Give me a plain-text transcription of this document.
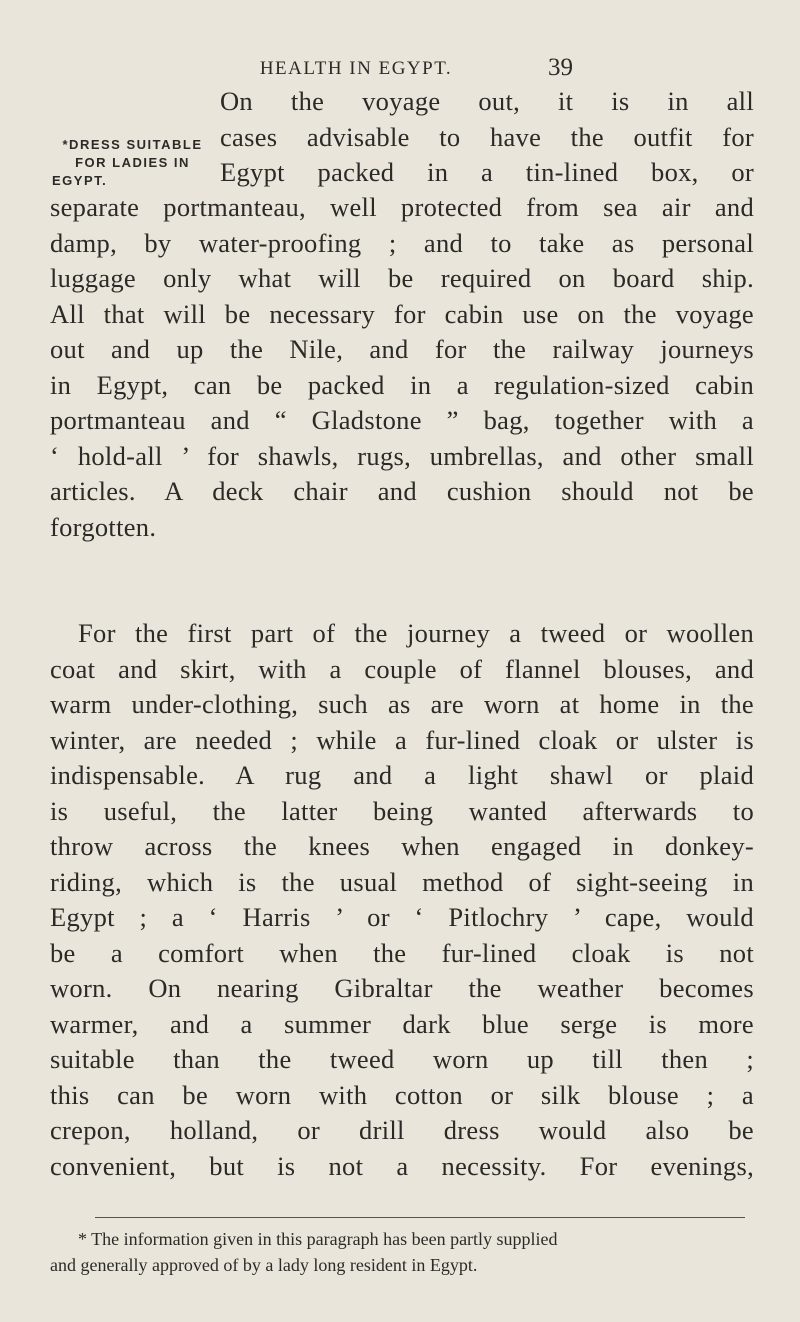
HEALTH IN EGYPT.	39
*DRESS SUITABLE
FOR LADIES IN
EGYPT.

On the voyage out, it is in all
cases advisable to have the outfit for
Egypt packed in a tin-lined box, or

separate portmanteau, well protected from sea air and
damp, by water-proofing ; and to take as personal
luggage only what will be required on board ship.
All that will be necessary for cabin use on the voyage
out and up the Nile, and for the railway journeys
in Egypt, can be packed in a regulation-sized cabin
portmanteau and “ Gladstone ” bag, together with a
‘ hold-all ’ for shawls, rugs, umbrellas, and other small
articles. A deck chair and cushion should not be
forgotten.

For the first part of the journey a tweed or woollen
coat and skirt, with a couple of flannel blouses, and
warm under-clothing, such as are worn at home in the
winter, are needed ; while a fur-lined cloak or ulster is
indispensable. A rug and a light shawl or plaid
is useful, the latter being wanted afterwards to
throw across the knees when engaged in donkey-
riding, which is the usual method of sight-seeing in
Egypt ; a ‘ Harris ’ or ‘ Pitlochry ’ cape, would
be a comfort when the fur-lined cloak is not
worn. On nearing Gibraltar the weather becomes
warmer, and a summer dark blue serge is more
suitable than the tweed worn up till then ;
this can be worn with cotton or silk blouse ; a
crepon, holland, or drill dress would also be
convenient, but is not a necessity. For evenings,

* The information given in this paragraph has been partly supplied
and generally approved of by a lady long resident in Egypt.
